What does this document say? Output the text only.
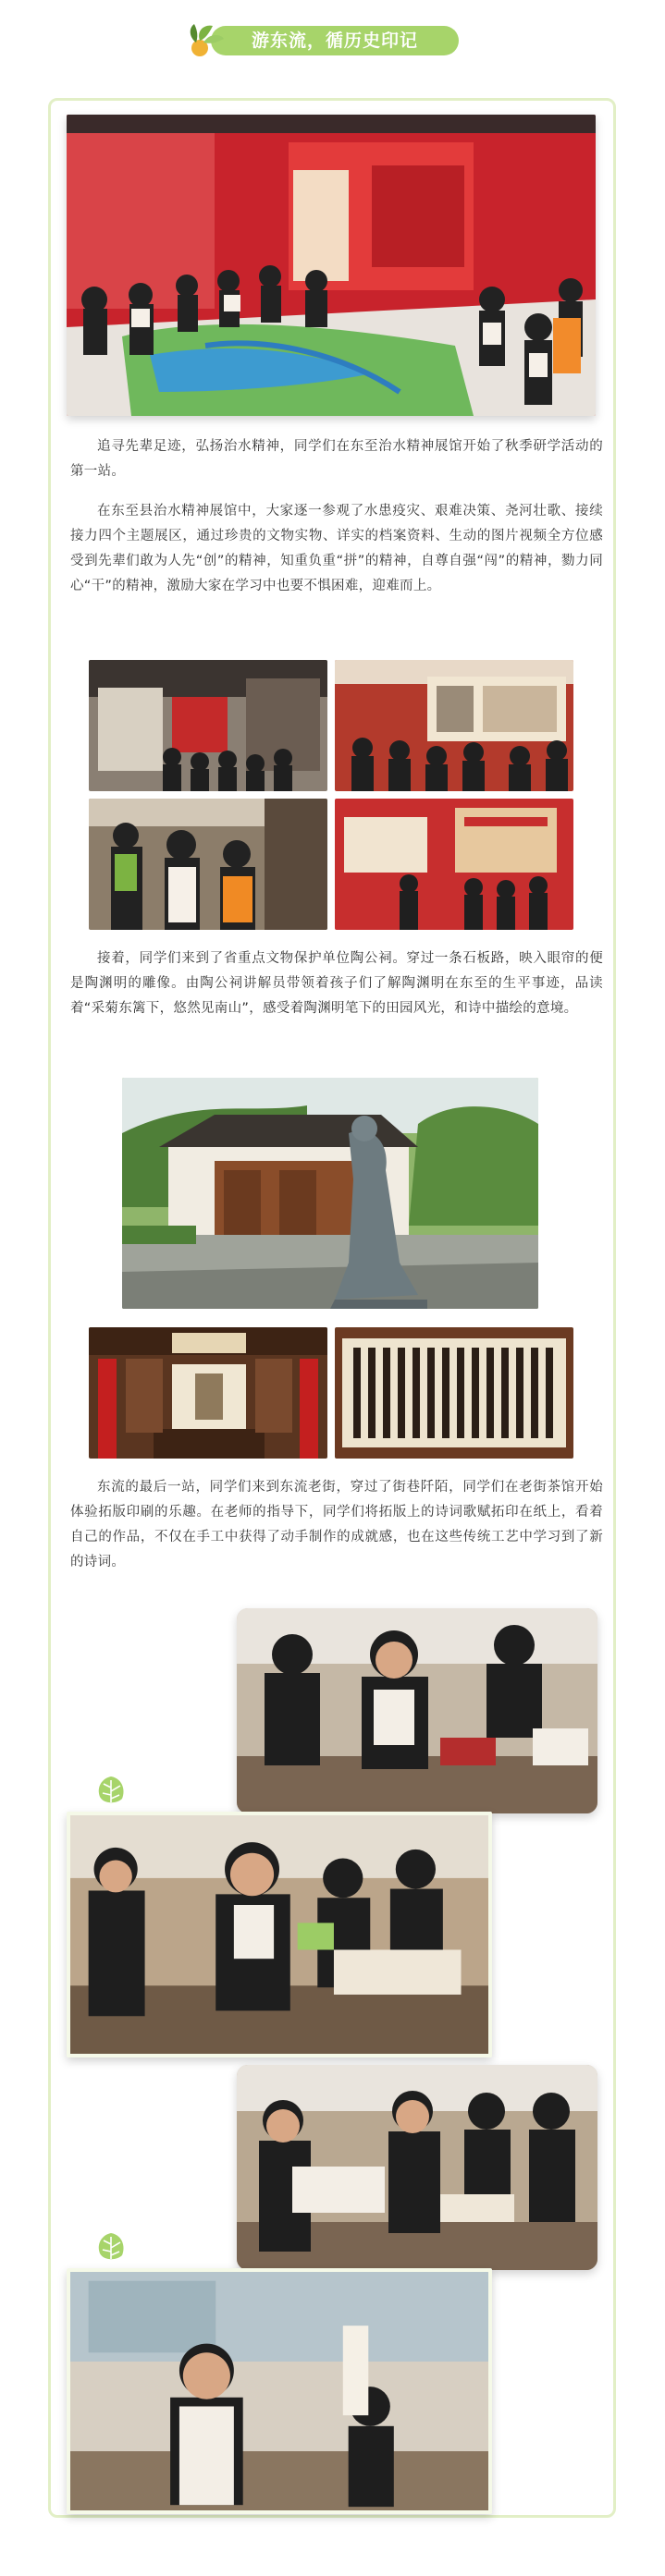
游东流，循历史印记
追寻先辈足迹，弘扬治水精神，同学们在东至治水精神展馆开始了秋季研学活动的第一站。
在东至县治水精神展馆中，大家逐一参观了水患疫灾、艰难决策、尧河壮歌、接续接力四个主题展区，通过珍贵的文物实物、详实的档案资料、生动的图片视频全方位感受到先辈们敢为人先“创”的精神，知重负重“拼”的精神，自尊自强“闯”的精神，勠力同心“干”的精神，激励大家在学习中也要不惧困难，迎难而上。
接着，同学们来到了省重点文物保护单位陶公祠。穿过一条石板路，映入眼帘的便是陶渊明的雕像。由陶公祠讲解员带领着孩子们了解陶渊明在东至的生平事迹，品读着“采菊东篱下，悠然见南山”，感受着陶渊明笔下的田园风光，和诗中描绘的意境。
东流的最后一站，同学们来到东流老街，穿过了街巷阡陌，同学们在老街茶馆开始体验拓版印刷的乐趣。在老师的指导下，同学们将拓版上的诗词歌赋拓印在纸上，看着自己的作品，不仅在手工中获得了动手制作的成就感，也在这些传统工艺中学习到了新的诗词。
